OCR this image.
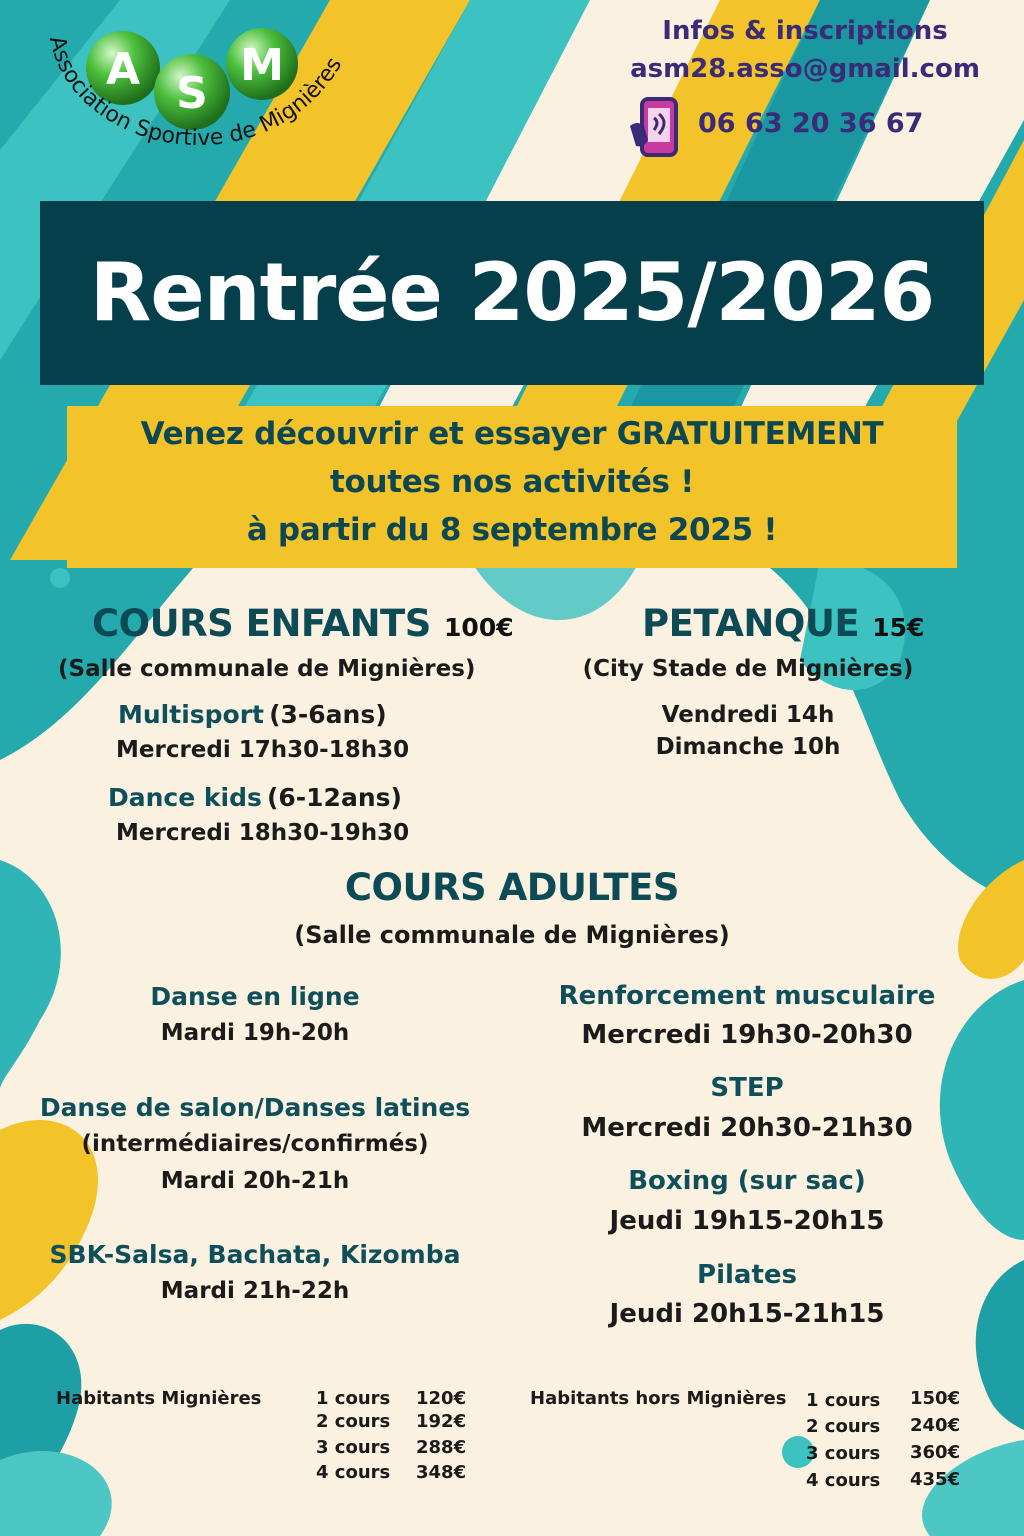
A S
M
Association Sportive de Mignières
Infos & inscriptions
asm28.asso@gmail.com
06 63 20 36 67
Rentrée 2025/2026
Venez découvrir et essayer GRATUITEMENT
toutes nos activités !
à partir du 8 septembre 2025 !
COURS ENFANTS 100€
(Salle communale de Mignières)
Multisport (3-6ans)
Mercredi 17h30-18h30
Dance kids (6-12ans)
Mercredi 18h30-19h30
PETANQUE 15€
(City Stade de Mignières)
Vendredi 14h
Dimanche 10h
COURS ADULTES
(Salle communale de Mignières)
Danse en ligne
Mardi 19h-20h
Danse de salon/Danses latines
(intermédiaires/confirmés)
Mardi 20h-21h
SBK-Salsa, Bachata, Kizomba
Mardi 21h-22h
Renforcement musculaire
Mercredi 19h30-20h30
STEP
Mercredi 20h30-21h30
Boxing (sur sac)
Jeudi 19h15-20h15
Pilates
Jeudi 20h15-21h15
Habitants Mignières	1 cours 120€
2 cours 192€
3 cours 288€
4 cours 348€
Habitants hors Mignières 1 cours 150€
2 cours 240€
3 cours 360€
4 cours 435€
